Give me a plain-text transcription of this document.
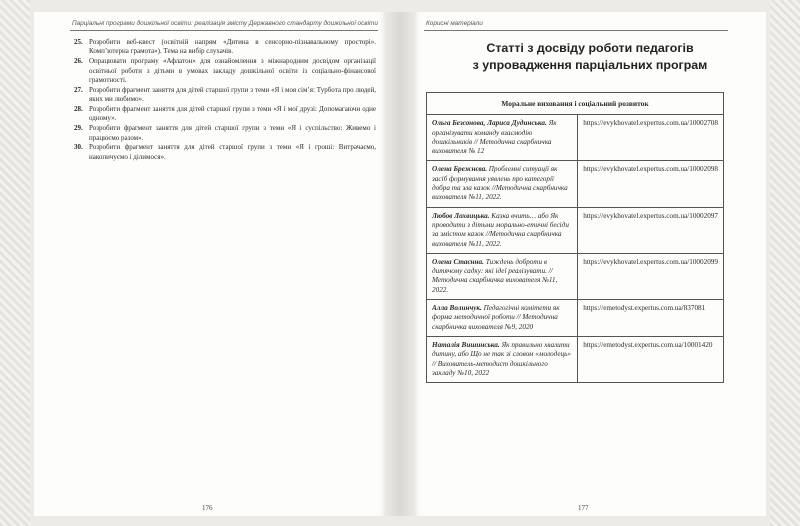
Парціальні програми дошкільної освіти: реалізація змісту Державного стандарту дошкільної освіти
25. Розробити веб-квест (освітній напрям «Дитина в сенсорно-пізнавальному просторі». Комп’ютерна грамота»). Тема на вибір слухачів.
26. Опрацювати програму «Афлатон» для ознайомлення з міжнародним досвідом організації освітньої роботи з дітьми в умовах закладу дошкільної освіти із соціально-фінансової грамотності.
27. Розробити фрагмент заняття для дітей старшої групи з теми «Я і моя сім’я: Турбота про людей, яких ми любимо».
28. Розробити фрагмент заняття для дітей старшої групи з теми «Я і мої друзі: Допомагаючи одне одному».
29. Розробити фрагмент заняття для дітей старшої групи з теми «Я і суспільство: Живемо і працюємо разом».
30. Розробити фрагмент заняття для дітей старшої групи з теми «Я і гроші: Витрачаємо, накопичуємо і ділимося».
176
Корисні матеріали
Статті з досвіду роботи педагогів
з упровадження парціальних програм
Моральне виховання і соціальний розвиток	
Ольга Безсонова, Лариса Дудинська. Як організувати команду взаємодію дошкільників // Методична скарбничка вихователя № 12	https://evykhovatel.expertus.com.ua/10002708
Олена Брежнєва. Проблемні ситуації як засіб формування уявлень про категорії добра та зла казок //Методична скарбничка вихователя №11, 2022.	https://evykhovatel.expertus.com.ua/10002098
Любов Лохвицька. Казка вчить… або Як проводити з дітьми морально-етичні бесіди за змістом казок //Методична скарбничка вихователя №11, 2022.	https://evykhovatel.expertus.com.ua/10002097
Олена Стаєнна. Тиждень доброти в дитячому садку: які ідеї реалізувати. //Методична скарбничка вихователя №11, 2022.	https://evykhovatel.expertus.com.ua/10002099
Алла Волинчук. Педагогічні комітети як форма методичної роботи // Методична скарбничка вихователя №9, 2020	https://emetodyst.expertus.com.ua/837081
Наталія Вишинська. Як правильно хвалити дитину, або Що не так зі словом «молодець» // Вихователь-методист дошкільного закладу №10, 2022	https://emetodyst.expertus.com.ua/10001420
177
